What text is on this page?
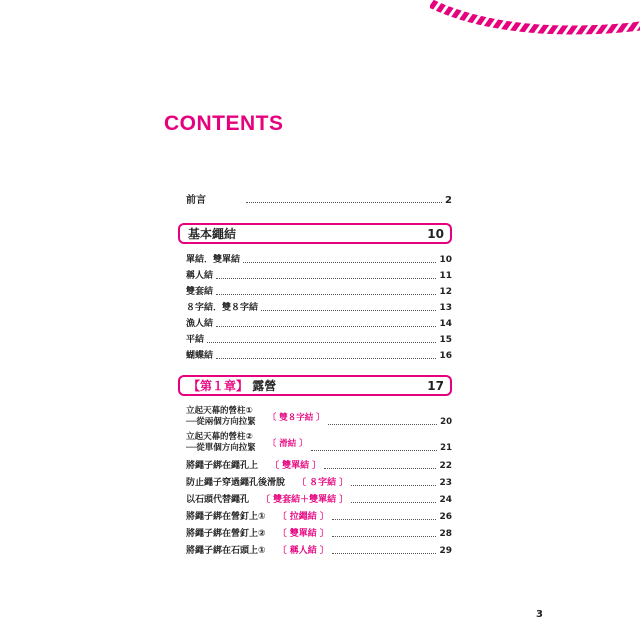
CONTENTS
前言	2
基本繩結	10
單結．雙單結	10
稱人結	11
雙套結	12
８字結．雙８字結	13
漁人結	14
平結	15
蝴蝶結	16
【第１章】 露營	17
立起天幕的營柱①
──從兩個方向拉緊 〔 雙８字結 〕	20
立起天幕的營柱②
──從單個方向拉緊 〔 滑結 〕	21
將繩子綁在繩孔上 〔 雙單結 〕	22
防止繩子穿過繩孔後滑脫 〔 ８字結 〕	23
以石頭代替繩孔 〔 雙套結＋雙單結 〕	24
將繩子綁在營釘上① 〔 拉繩結 〕	26
將繩子綁在營釘上② 〔 雙單結 〕	28
將繩子綁在石頭上① 〔 稱人結 〕	29
3
